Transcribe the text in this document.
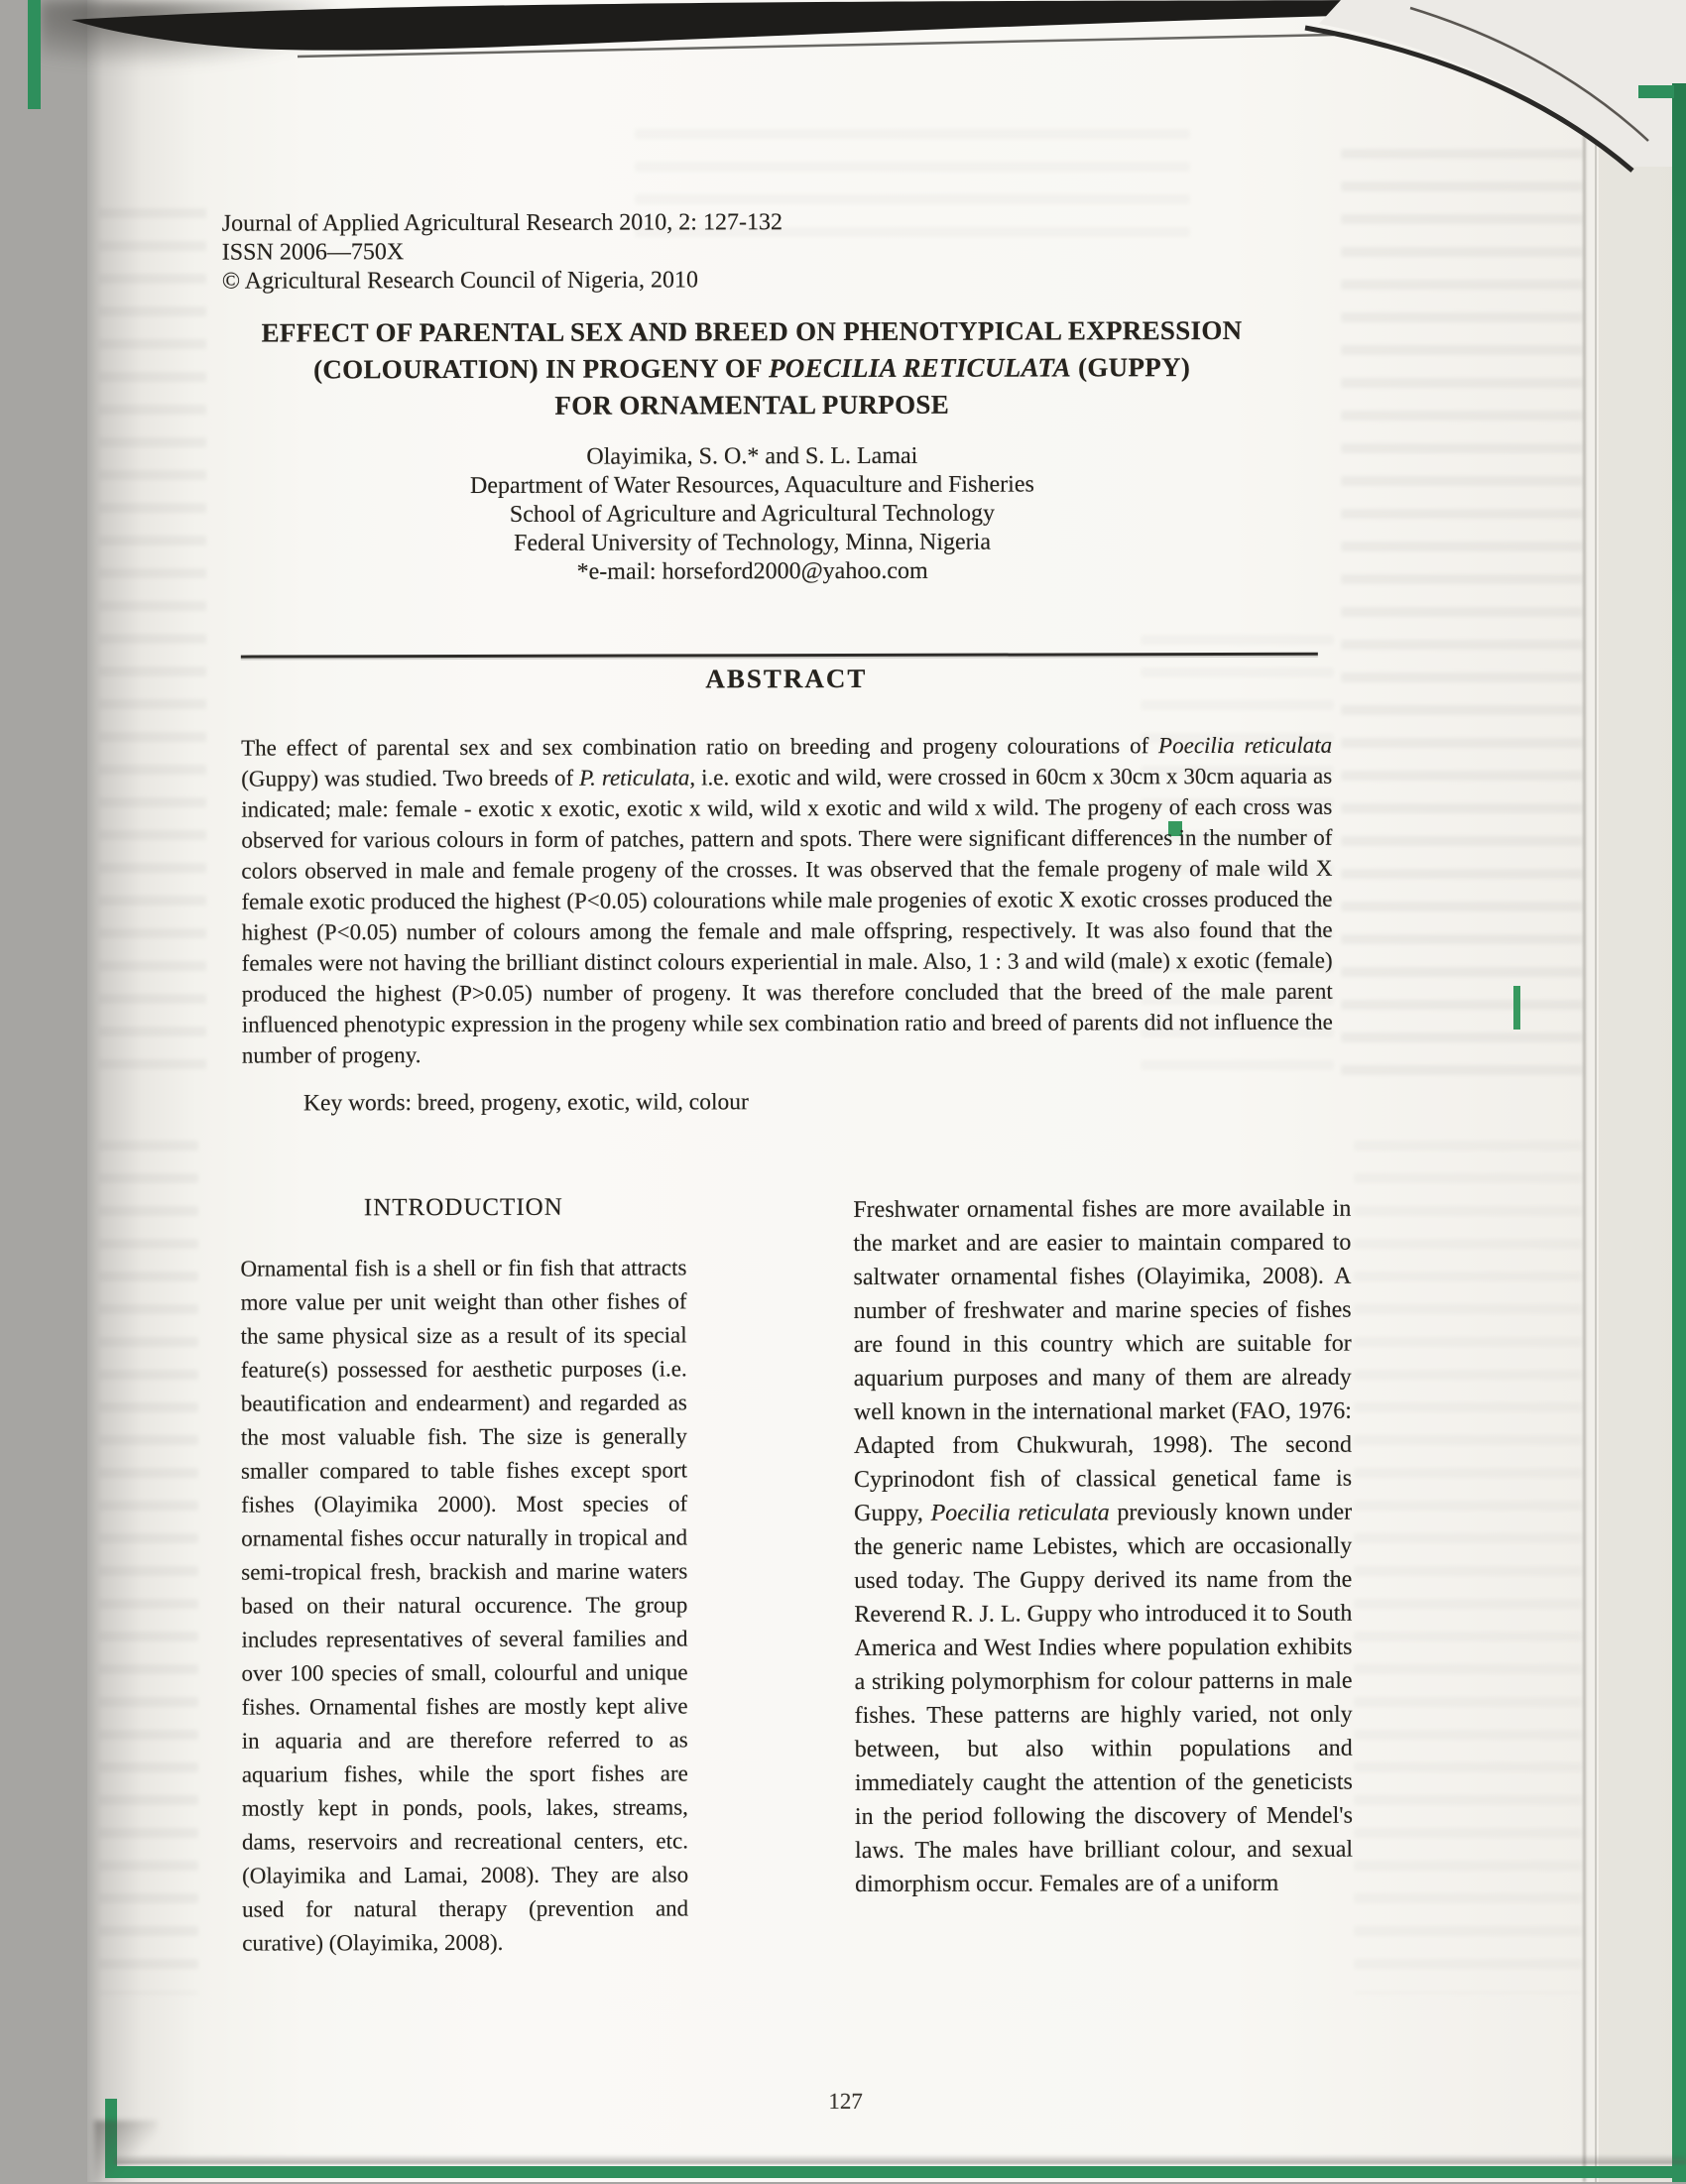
Journal of Applied Agricultural Research 2010, 2: 127-132
ISSN 2006—750X
© Agricultural Research Council of Nigeria, 2010
EFFECT OF PARENTAL SEX AND BREED ON PHENOTYPICAL EXPRESSION
(COLOURATION) IN PROGENY OF POECILIA RETICULATA (GUPPY)
FOR ORNAMENTAL PURPOSE
Olayimika, S. O.* and S. L. Lamai
Department of Water Resources, Aquaculture and Fisheries
School of Agriculture and Agricultural Technology
Federal University of Technology, Minna, Nigeria
*e-mail: horseford2000@yahoo.com
ABSTRACT
The effect of parental sex and sex combination ratio on breeding and progeny colourations of Poecilia reticulata (Guppy) was studied. Two breeds of P. reticulata, i.e. exotic and wild, were crossed in 60cm x 30cm x 30cm aquaria as indicated; male: female - exotic x exotic, exotic x wild, wild x exotic and wild x wild. The progeny of each cross was observed for various colours in form of patches, pattern and spots. There were significant differences in the number of colors observed in male and female progeny of the crosses. It was observed that the female progeny of male wild X female exotic produced the highest (P<0.05) colourations while male progenies of exotic X exotic crosses produced the highest (P<0.05) number of colours among the female and male offspring, respectively. It was also found that the females were not having the brilliant distinct colours experiential in male. Also, 1 : 3 and wild (male) x exotic (female) produced the highest (P>0.05) number of progeny. It was therefore concluded that the breed of the male parent influenced phenotypic expression in the progeny while sex combination ratio and breed of parents did not influence the number of progeny.
Key words: breed, progeny, exotic, wild, colour
INTRODUCTION
Ornamental fish is a shell or fin fish that attracts more value per unit weight than other fishes of the same physical size as a result of its special feature(s) possessed for aesthetic purposes (i.e. beautification and endearment) and regarded as the most valuable fish. The size is generally smaller compared to table fishes except sport fishes (Olayimika 2000). Most species of ornamental fishes occur naturally in tropical and semi-tropical fresh, brackish and marine waters based on their natural occurence. The group includes representatives of several families and over 100 species of small, colourful and unique fishes. Ornamental fishes are mostly kept alive in aquaria and are therefore referred to as aquarium fishes, while the sport fishes are mostly kept in ponds, pools, lakes, streams, dams, reservoirs and recreational centers, etc. (Olayimika and Lamai, 2008). They are also used for natural therapy (prevention and curative) (Olayimika, 2008).
Freshwater ornamental fishes are more available in the market and are easier to maintain compared to saltwater ornamental fishes (Olayimika, 2008). A number of freshwater and marine species of fishes are found in this country which are suitable for aquarium purposes and many of them are already well known in the international market (FAO, 1976: Adapted from Chukwurah, 1998). The second Cyprinodont fish of classical genetical fame is Guppy, Poecilia reticulata previously known under the generic name Lebistes, which are occasionally used today. The Guppy derived its name from the Reverend R. J. L. Guppy who introduced it to South America and West Indies where population exhibits a striking polymorphism for colour patterns in male fishes. These patterns are highly varied, not only between, but also within populations and immediately caught the attention of the geneticists in the period following the discovery of Mendel's laws. The males have brilliant colour, and sexual dimorphism occur. Females are of a uniform
127
